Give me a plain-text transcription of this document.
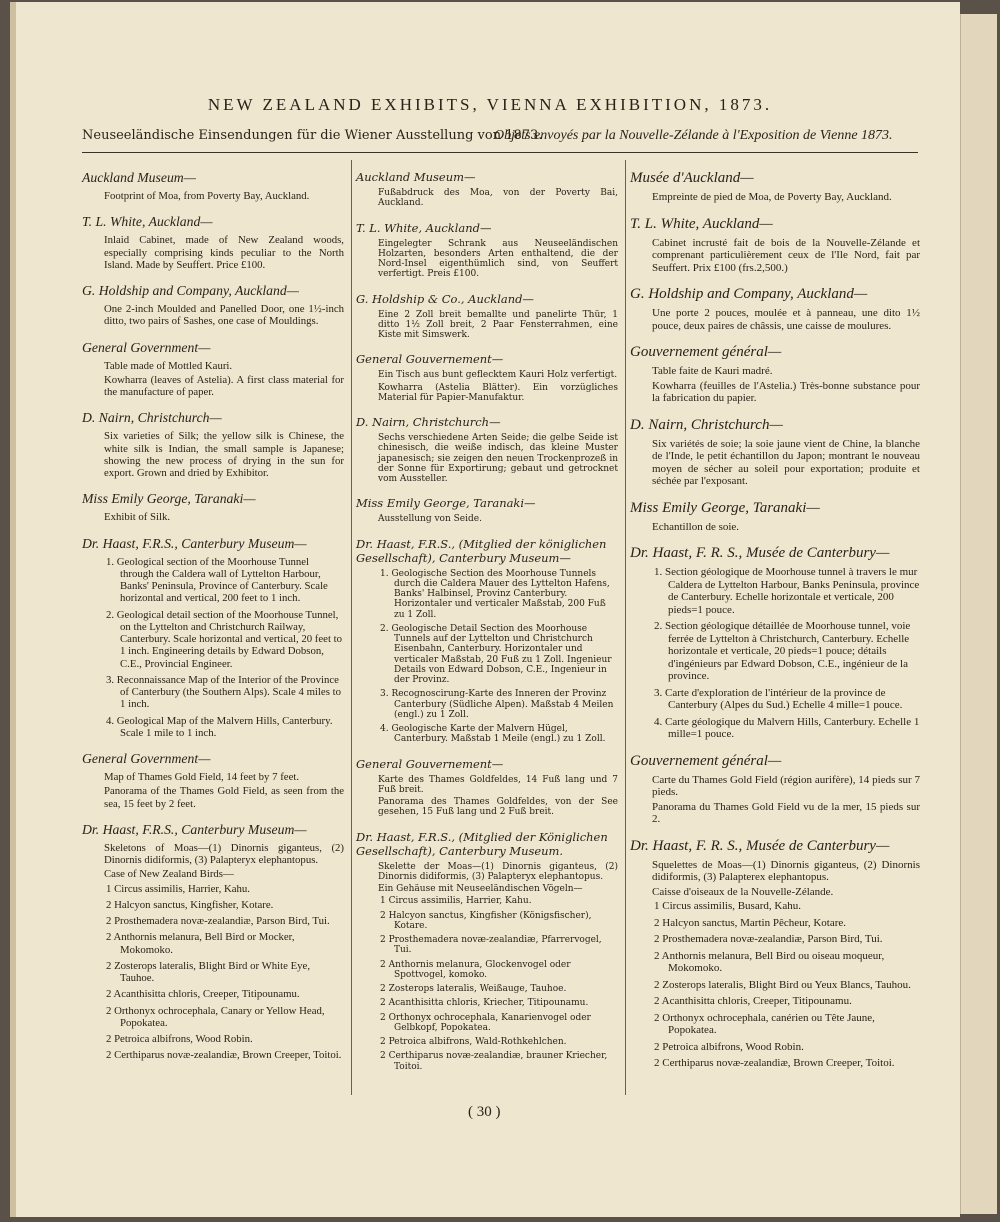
NEW ZEALAND EXHIBITS, VIENNA EXHIBITION, 1873.
Neuseeländische Einsendungen für die Wiener Ausstellung von 1873.
Objets envoyés par la Nouvelle-Zélande à l'Exposition de Vienne 1873.
Auckland Museum—
Footprint of Moa, from Poverty Bay, Auckland.
T. L. White, Auckland—
Inlaid Cabinet, made of New Zealand woods, especially comprising kinds peculiar to the North Island. Made by Seuffert. Price £100.
G. Holdship and Company, Auckland—
One 2-inch Moulded and Panelled Door, one 1½-inch ditto, two pairs of Sashes, one case of Mouldings.
General Government—
Table made of Mottled Kauri.
Kowharra (leaves of Astelia). A first class material for the manufacture of paper.
D. Nairn, Christchurch—
Six varieties of Silk; the yellow silk is Chinese, the white silk is Indian, the small sample is Japanese; showing the new process of drying in the sun for export. Grown and dried by Exhibitor.
Miss Emily George, Taranaki—
Exhibit of Silk.
Dr. Haast, F.R.S., Canterbury Museum—
1. Geological section of the Moorhouse Tunnel through the Caldera wall of Lyttelton Harbour, Banks' Peninsula, Province of Canterbury. Scale horizontal and vertical, 200 feet to 1 inch.
2. Geological detail section of the Moorhouse Tunnel, on the Lyttelton and Christchurch Railway, Canterbury. Scale horizontal and vertical, 20 feet to 1 inch. Engineering details by Edward Dobson, C.E., Provincial Engineer.
3. Reconnaissance Map of the Interior of the Province of Canterbury (the Southern Alps). Scale 4 miles to 1 inch.
4. Geological Map of the Malvern Hills, Canterbury. Scale 1 mile to 1 inch.
General Government—
Map of Thames Gold Field, 14 feet by 7 feet.
Panorama of the Thames Gold Field, as seen from the sea, 15 feet by 2 feet.
Dr. Haast, F.R.S., Canterbury Museum—
Skeletons of Moas—(1) Dinornis giganteus, (2) Dinornis didiformis, (3) Palapteryx elephantopus.
Case of New Zealand Birds—
1 Circus assimilis, Harrier, Kahu.
2 Halcyon sanctus, Kingfisher, Kotare.
2 Prosthemadera novæ-zealandiæ, Parson Bird, Tui.
2 Anthornis melanura, Bell Bird or Mocker, Mokomoko.
2 Zosterops lateralis, Blight Bird or White Eye, Tauhoe.
2 Acanthisitta chloris, Creeper, Titipounamu.
2 Orthonyx ochrocephala, Canary or Yellow Head, Popokatea.
2 Petroica albifrons, Wood Robin.
2 Certhiparus novæ-zealandiæ, Brown Creeper, Toitoi.
Auckland Museum—
Fußabdruck des Moa, von der Poverty Bai, Auckland.
T. L. White, Auckland—
Eingelegter Schrank aus Neuseeländischen Holzarten, besonders Arten enthaltend, die der Nord-Insel eigenthümlich sind, von Seuffert verfertigt. Preis £100.
G. Holdship & Co., Auckland—
Eine 2 Zoll breit bemallte und panelirte Thür, 1 ditto 1½ Zoll breit, 2 Paar Fensterrahmen, eine Kiste mit Simswerk.
General Gouvernement—
Ein Tisch aus bunt geflecktem Kauri Holz verfertigt.
Kowharra (Astelia Blätter). Ein vorzügliches Material für Papier-Manufaktur.
D. Nairn, Christchurch—
Sechs verschiedene Arten Seide; die gelbe Seide ist chinesisch, die weiße indisch, das kleine Muster japanesisch; sie zeigen den neuen Trockenprozeß in der Sonne für Exportirung; gebaut und getrocknet vom Aussteller.
Miss Emily George, Taranaki—
Ausstellung von Seide.
Dr. Haast, F.R.S., (Mitglied der königlichen Gesellschaft), Canterbury Museum—
1. Geologische Section des Moorhouse Tunnels durch die Caldera Mauer des Lyttelton Hafens, Banks' Halbinsel, Provinz Canterbury. Horizontaler und verticaler Maßstab, 200 Fuß zu 1 Zoll.
2. Geologische Detail Section des Moorhouse Tunnels auf der Lyttelton und Christchurch Eisenbahn, Canterbury. Horizontaler und verticaler Maßstab, 20 Fuß zu 1 Zoll. Ingenieur Details von Edward Dobson, C.E., Ingenieur in der Provinz.
3. Recognoscirung-Karte des Inneren der Provinz Canterbury (Südliche Alpen). Maßstab 4 Meilen (engl.) zu 1 Zoll.
4. Geologische Karte der Malvern Hügel, Canterbury. Maßstab 1 Meile (engl.) zu 1 Zoll.
General Gouvernement—
Karte des Thames Goldfeldes, 14 Fuß lang und 7 Fuß breit.
Panorama des Thames Goldfeldes, von der See gesehen, 15 Fuß lang und 2 Fuß breit.
Dr. Haast, F.R.S., (Mitglied der Königlichen Gesellschaft), Canterbury Museum.
Skelette der Moas—(1) Dinornis giganteus, (2) Dinornis didiformis, (3) Palapteryx elephantopus.
Ein Gehäuse mit Neuseeländischen Vögeln—
1 Circus assimilis, Harrier, Kahu.
2 Halcyon sanctus, Kingfisher (Königsfischer), Kotare.
2 Prosthemadera novæ-zealandiæ, Pfarrervogel, Tui.
2 Anthornis melanura, Glockenvogel oder Spottvogel, komoko.
2 Zosterops lateralis, Weißauge, Tauhoe.
2 Acanthisitta chloris, Kriecher, Titipounamu.
2 Orthonyx ochrocephala, Kanarienvogel oder Gelbkopf, Popokatea.
2 Petroica albifrons, Wald-Rothkehlchen.
2 Certhiparus novæ-zealandiæ, brauner Kriecher, Toitoi.
Musée d'Auckland—
Empreinte de pied de Moa, de Poverty Bay, Auckland.
T. L. White, Auckland—
Cabinet incrusté fait de bois de la Nouvelle-Zélande et comprenant particulièrement ceux de l'Ile Nord, fait par Seuffert. Prix £100 (frs.2,500.)
G. Holdship and Company, Auckland—
Une porte 2 pouces, moulée et à panneau, une dito 1½ pouce, deux paires de châssis, une caisse de moulures.
Gouvernement général—
Table faite de Kauri madré.
Kowharra (feuilles de l'Astelia.) Très-bonne substance pour la fabrication du papier.
D. Nairn, Christchurch—
Six variétés de soie; la soie jaune vient de Chine, la blanche de l'Inde, le petit échantillon du Japon; montrant le nouveau moyen de sécher au soleil pour exportation; produite et séchée par l'exposant.
Miss Emily George, Taranaki—
Echantillon de soie.
Dr. Haast, F. R. S., Musée de Canterbury—
1. Section géologique de Moorhouse tunnel à travers le mur Caldera de Lyttelton Harbour, Banks Peninsula, province de Canterbury. Echelle horizontale et verticale, 200 pieds=1 pouce.
2. Section géologique détaillée de Moorhouse tunnel, voie ferrée de Lyttelton à Christchurch, Canterbury. Echelle horizontale et verticale, 20 pieds=1 pouce; détails d'ingénieurs par Edward Dobson, C.E., ingénieur de la province.
3. Carte d'exploration de l'intérieur de la province de Canterbury (Alpes du Sud.) Echelle 4 mille=1 pouce.
4. Carte géologique du Malvern Hills, Canterbury. Echelle 1 mille=1 pouce.
Gouvernement général—
Carte du Thames Gold Field (région aurifère), 14 pieds sur 7 pieds.
Panorama du Thames Gold Field vu de la mer, 15 pieds sur 2.
Dr. Haast, F. R. S., Musée de Canterbury—
Squelettes de Moas—(1) Dinornis giganteus, (2) Dinornis didiformis, (3) Palapterex elephantopus.
Caisse d'oiseaux de la Nouvelle-Zélande.
1 Circus assimilis, Busard, Kahu.
2 Halcyon sanctus, Martin Pêcheur, Kotare.
2 Prosthemadera novæ-zealandiæ, Parson Bird, Tui.
2 Anthornis melanura, Bell Bird ou oiseau moqueur, Mokomoko.
2 Zosterops lateralis, Blight Bird ou Yeux Blancs, Tauhou.
2 Acanthisitta chloris, Creeper, Titipounamu.
2 Orthonyx ochrocephala, canérien ou Tête Jaune, Popokatea.
2 Petroica albifrons, Wood Robin.
2 Certhiparus novæ-zealandiæ, Brown Creeper, Toitoi.
( 30 )
